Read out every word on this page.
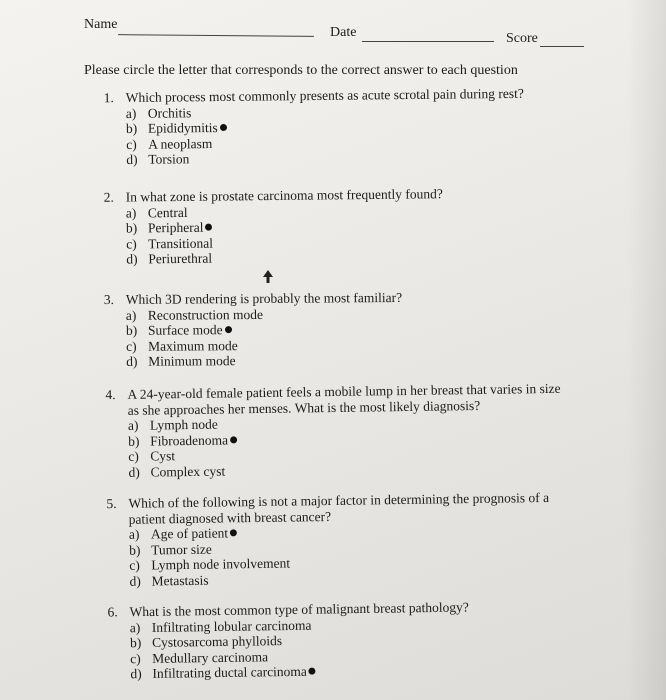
Name
Date	Score
Please circle the letter that corresponds to the correct answer to each question
1. Which process most commonly presents as acute scrotal pain during rest?
a) Orchitis
b) Epididymitis
c) A neoplasm
d) Torsion
2. In what zone is prostate carcinoma most frequently found?
a) Central
b) Peripheral
c) Transitional
d) Periurethral
3. Which 3D rendering is probably the most familiar?
a) Reconstruction mode
b) Surface mode
c) Maximum mode
d) Minimum mode
4. A 24-year-old female patient feels a mobile lump in her breast that varies in size
as she approaches her menses. What is the most likely diagnosis?
a) Lymph node
b) Fibroadenoma
c) Cyst
d) Complex cyst
5. Which of the following is not a major factor in determining the prognosis of a
patient diagnosed with breast cancer?
a) Age of patient
b) Tumor size
c) Lymph node involvement
d) Metastasis
6. What is the most common type of malignant breast pathology?
a) Infiltrating lobular carcinoma
b) Cystosarcoma phylloids
c) Medullary carcinoma
d) Infiltrating ductal carcinoma
